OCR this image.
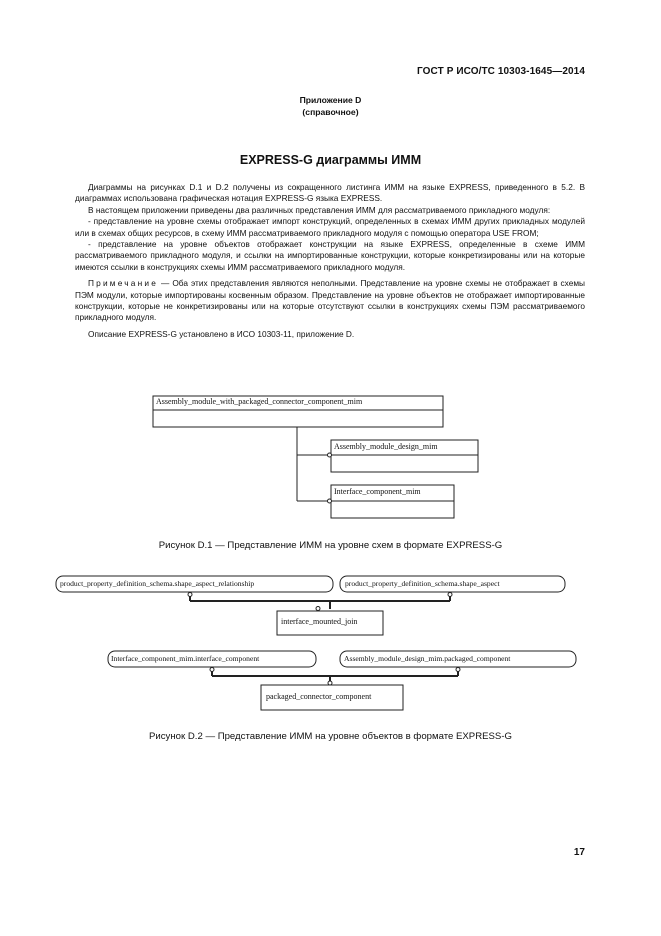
ГОСТ Р ИСО/ТС 10303-1645—2014
Приложение D
(справочное)
EXPRESS-G диаграммы ИММ

Диаграммы на рисунках D.1 и D.2 получены из сокращенного листинга ИММ на языке EXPRESS, приведенного в 5.2. В диаграммах использована графическая нотация EXPRESS-G языка EXPRESS.

В настоящем приложении приведены два различных представления ИММ для рассматриваемого прикладного модуля:

- представление на уровне схемы отображает импорт конструкций, определенных в схемах ИММ других прикладных модулей или в схемах общих ресурсов, в схему ИММ рассматриваемого прикладного модуля с помощью оператора USE FROM;

- представление на уровне объектов отображает конструкции на языке EXPRESS, определенные в схеме ИММ рассматриваемого прикладного модуля, и ссылки на импортированные конструкции, которые конкретизированы или на которые имеются ссылки в конструкциях схемы ИММ рассматриваемого прикладного модуля.

Примечание — Оба этих представления являются неполными. Представление на уровне схемы не отображает в схемы ПЭМ модули, которые импортированы косвенным образом. Представление на уровне объектов не отображает импортированные конструкции, которые не конкретизированы или на которые отсутствуют ссылки в конструкциях схемы ПЭМ рассматриваемого прикладного модуля.

Описание EXPRESS-G установлено в ИСО 10303-11, приложение D.

Assembly_module_with_packaged_connector_component_mim
Assembly_module_design_mim
Interface_component_mim
Рисунок D.1 — Представление ИММ на уровне схем в формате EXPRESS-G
product_property_definition_schema.shape_aspect_relationship	product_property_definition_schema.shape_aspect
interface_mounted_join
Interface_component_mim.interface_component	Assembly_module_design_mim.packaged_component
packaged_connector_component
Рисунок D.2 — Представление ИММ на уровне объектов в формате EXPRESS-G
17
